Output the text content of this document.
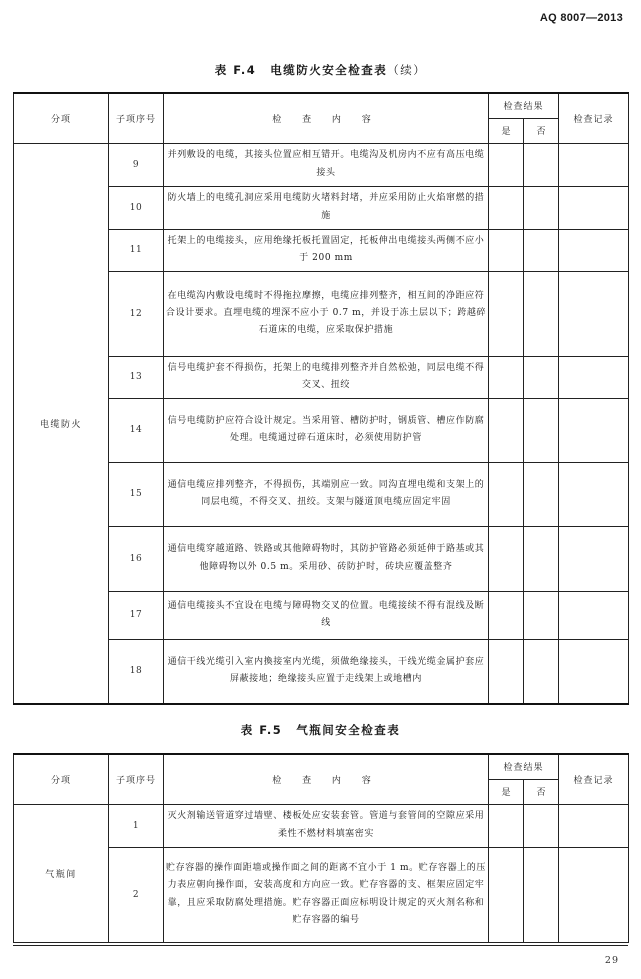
AQ 8007—2013
表 F.4 电缆防火安全检查表（续）
分项	子项序号	检 查 内 容	检查结果		检查记录
			是	否	
电缆防火	9	并列敷设的电缆，其接头位置应相互错开。电缆沟及机房内不应有高压电缆接头			
	10	防火墙上的电缆孔洞应采用电缆防火堵料封堵，并应采用防止火焰窜燃的措施			
	11	托架上的电缆接头，应用绝缘托板托置固定，托板伸出电缆接头两侧不应小于 200 mm			
	12	在电缆沟内敷设电缆时不得拖拉摩擦，电缆应排列整齐，相互间的净距应符合设计要求。直埋电缆的埋深不应小于 0.7 m，并设于冻土层以下；跨越碎石道床的电缆，应采取保护措施			
	13	信号电缆护套不得损伤，托架上的电缆排列整齐并自然松弛，同层电缆不得交叉、扭绞			
	14	信号电缆防护应符合设计规定。当采用管、槽防护时，钢质管、槽应作防腐处理。电缆通过碎石道床时，必须使用防护管			
	15	通信电缆应排列整齐，不得损伤，其端别应一致。同沟直埋电缆和支架上的同层电缆，不得交叉、扭绞。支架与隧道顶电缆应固定牢固			
	16	通信电缆穿越道路、铁路或其他障碍物时，其防护管路必须延伸于路基或其他障碍物以外 0.5 m。采用砂、砖防护时，砖块应覆盖整齐			
	17	通信电缆接头不宜设在电缆与障碍物交叉的位置。电缆接续不得有混线及断线			
	18	通信干线光缆引入室内換接室内光缆，须做绝缘接头，干线光缆金属护套应屏蔽接地；绝缘接头应置于走线架上或地槽内			
表 F.5 气瓶间安全检查表
分项	子项序号	检 查 内 容	检查结果		检查记录
			是	否	
气瓶间	1	灭火剂输送管道穿过墙壁、楼板处应安装套管。管道与套管间的空隙应采用柔性不燃材料填塞密实			
	2	贮存容器的操作面距墙或操作面之间的距离不宜小于 1 m。贮存容器上的压力表应朝向操作面，安装高度和方向应一致。贮存容器的支、框架应固定牢靠，且应采取防腐处理措施。贮存容器正面应标明设计规定的灭火剂名称和贮存容器的编号			
29
